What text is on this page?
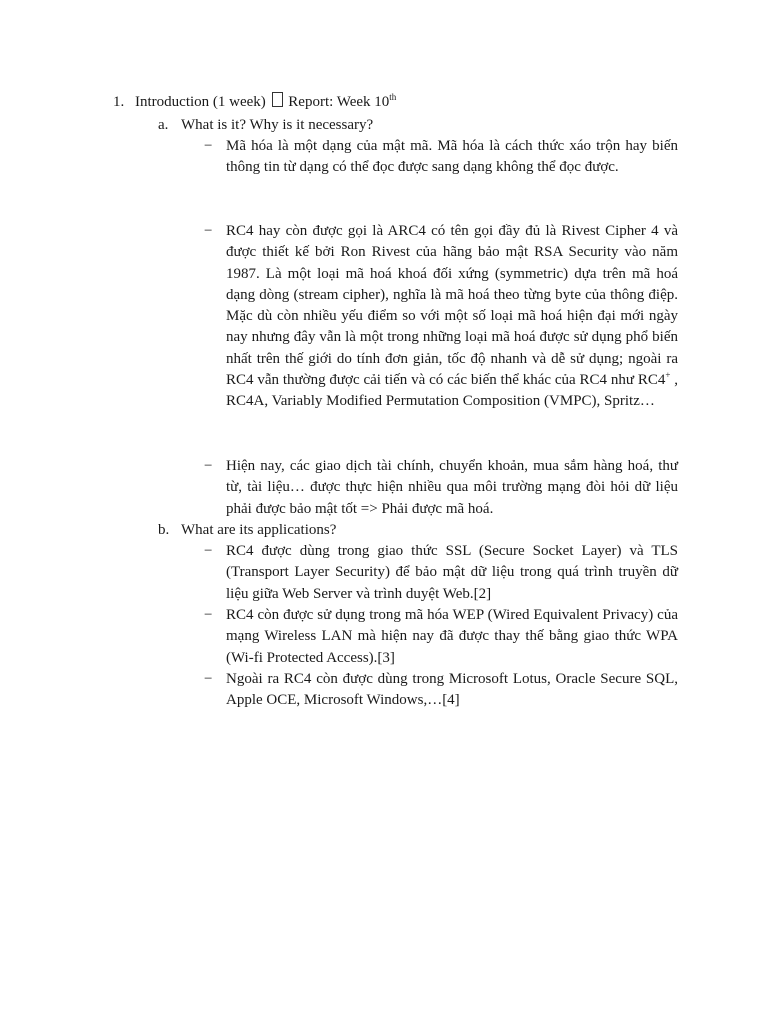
1. Introduction (1 week) Report: Week 10th
a. What is it? Why is it necessary?
− Mã hóa là một dạng của mật mã. Mã hóa là cách thức xáo trộn hay biến thông tin từ dạng có thể đọc được sang dạng không thể đọc được.
− RC4 hay còn được gọi là ARC4 có tên gọi đầy đủ là Rivest Cipher 4 và được thiết kế bởi Ron Rivest của hãng bảo mật RSA Security vào năm 1987. Là một loại mã hoá khoá đối xứng (symmetric) dựa trên mã hoá dạng dòng (stream cipher), nghĩa là mã hoá theo từng byte của thông điệp. Mặc dù còn nhiều yếu điểm so với một số loại mã hoá hiện đại mới ngày nay nhưng đây vẫn là một trong những loại mã hoá được sử dụng phổ biến nhất trên thế giới do tính đơn giản, tốc độ nhanh và dễ sử dụng; ngoài ra RC4 vẫn thường được cải tiến và có các biến thể khác của RC4 như RC4+ , RC4A, Variably Modified Permutation Composition (VMPC), Spritz…
− Hiện nay, các giao dịch tài chính, chuyển khoản, mua sắm hàng hoá, thư từ, tài liệu… được thực hiện nhiều qua môi trường mạng đòi hỏi dữ liệu phải được bảo mật tốt => Phải được mã hoá.
b. What are its applications?
− RC4 được dùng trong giao thức SSL (Secure Socket Layer) và TLS (Transport Layer Security) để bảo mật dữ liệu trong quá trình truyền dữ liệu giữa Web Server và trình duyệt Web.[2]
− RC4 còn được sử dụng trong mã hóa WEP (Wired Equivalent Privacy) của mạng Wireless LAN mà hiện nay đã được thay thế bằng giao thức WPA (Wi-fi Protected Access).[3]
− Ngoài ra RC4 còn được dùng trong Microsoft Lotus, Oracle Secure SQL, Apple OCE, Microsoft Windows,…[4]
